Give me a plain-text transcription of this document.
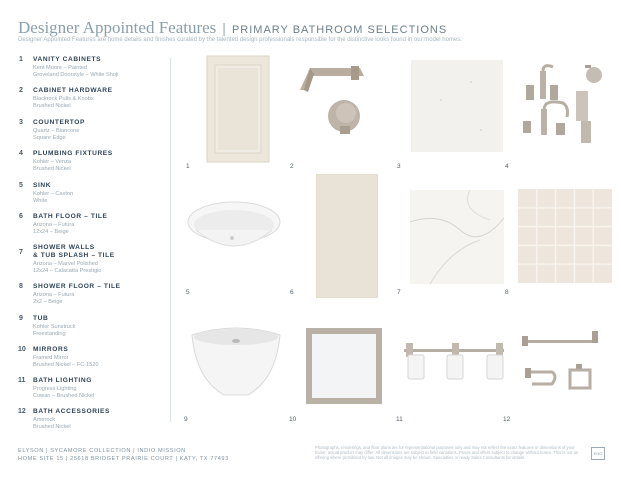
Designer Appointed Features | PRIMARY BATHROOM SELECTIONS
Designer Appointed Features are home details and finishes curated by the talented design professionals responsible for the distinctive looks found in our model homes.
1 VANITY CABINETS
Kent Moore – Painted
Groveland Doorstyle – White Shoji
2 CABINET HARDWARE
Blackrock Pulls & Knobs
Brushed Nickel
3 COUNTERTOP
Quartz – Biancone
Square Edge
4 PLUMBING FIXTURES
Kohler – Venza
Brushed Nickel
5 SINK
Kohler – Caxton
White
6 BATH FLOOR – TILE
Arizona – Futura
12x24 – Beige
7
SHOWER WALLS
& TUB SPLASH – TILE
Arizona – Marvel Polished
12x24 – Calacatta Prestigio
8 SHOWER FLOOR – TILE
Arizona – Futura
2x2 – Beige
9 TUB
Kohler Sunstruck
Freestanding
10 MIRRORS
Framed Mirror
Brushed Nickel – FC-1520
11 BATH LIGHTING
Progress Lighting
Cowan – Brushed Nickel
12 BATH ACCESSORIES
Amerock
Brushed Nickel
1	2	3	4
5	6	7	8
9	10	11	12
ELYSON | SYCAMORE COLLECTION | INDIO MISSION
HOME SITE 15 | 25618 BRIDGET PRAIRIE COURT | KATY, TX 77493
Photographs, renderings, and floor plans are for representational purposes only and may not reflect the exact features or dimensions of your home; actual product may differ. All dimensions are subject to field variations. Prices and offers subject to change without notice. This is not an offering where prohibited by law. Not all images may be shown. Specialties or ready Sales Consultants for details.
EHO
